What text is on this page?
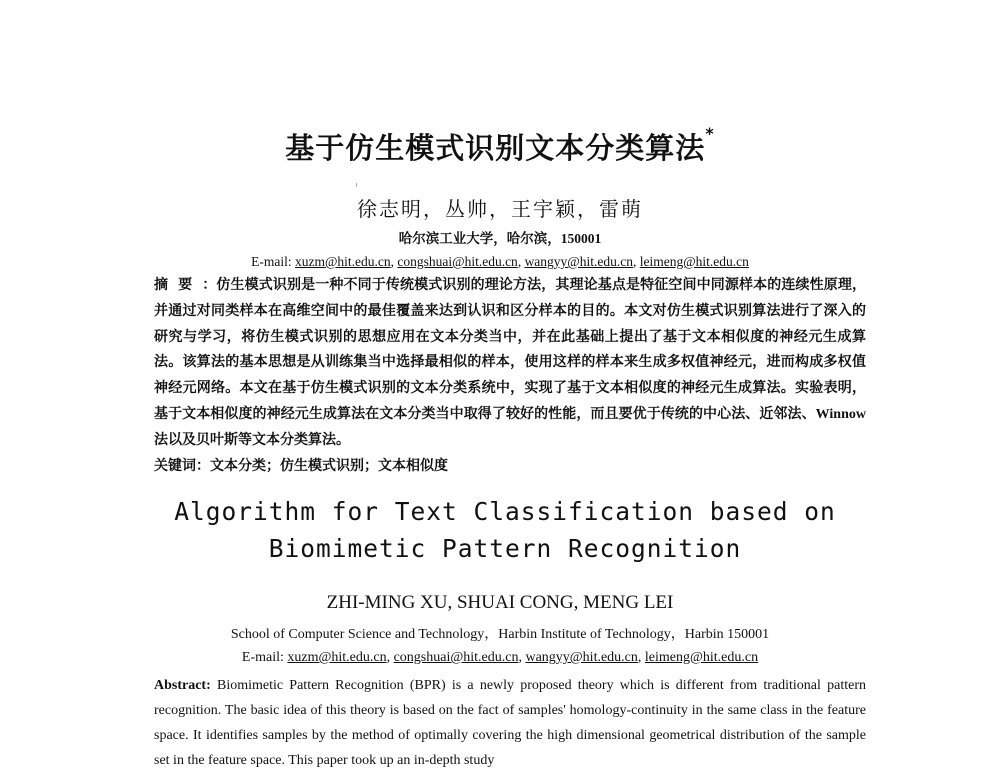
基于仿生模式识别文本分类算法*
徐志明，丛帅，王宇颖，雷萌
哈尔滨工业大学，哈尔滨，150001
E-mail: xuzm@hit.edu.cn, congshuai@hit.edu.cn, wangyy@hit.edu.cn, leimeng@hit.edu.cn
摘要：仿生模式识别是一种不同于传统模式识别的理论方法，其理论基点是特征空间中同源样本的连续性原理，并通过对同类样本在高维空间中的最佳覆盖来达到认识和区分样本的目的。本文对仿生模式识别算法进行了深入的研究与学习，将仿生模式识别的思想应用在文本分类当中，并在此基础上提出了基于文本相似度的神经元生成算法。该算法的基本思想是从训练集当中选择最相似的样本，使用这样的样本来生成多权值神经元，进而构成多权值神经元网络。本文在基于仿生模式识别的文本分类系统中，实现了基于文本相似度的神经元生成算法。实验表明，基于文本相似度的神经元生成算法在文本分类当中取得了较好的性能，而且要优于传统的中心法、近邻法、Winnow 法以及贝叶斯等文本分类算法。
关键词：文本分类；仿生模式识别；文本相似度
Algorithm for Text Classification based on Biomimetic Pattern Recognition
ZHI-MING XU, SHUAI CONG, MENG LEI
School of Computer Science and Technology，Harbin Institute of Technology，Harbin 150001
E-mail: xuzm@hit.edu.cn, congshuai@hit.edu.cn, wangyy@hit.edu.cn, leimeng@hit.edu.cn
Abstract: Biomimetic Pattern Recognition (BPR) is a newly proposed theory which is different from traditional pattern recognition. The basic idea of this theory is based on the fact of samples' homology-continuity in the same class in the feature space. It identifies samples by the method of optimally covering the high dimensional geometrical distribution of the sample set in the feature space. This paper took up an in-depth study
